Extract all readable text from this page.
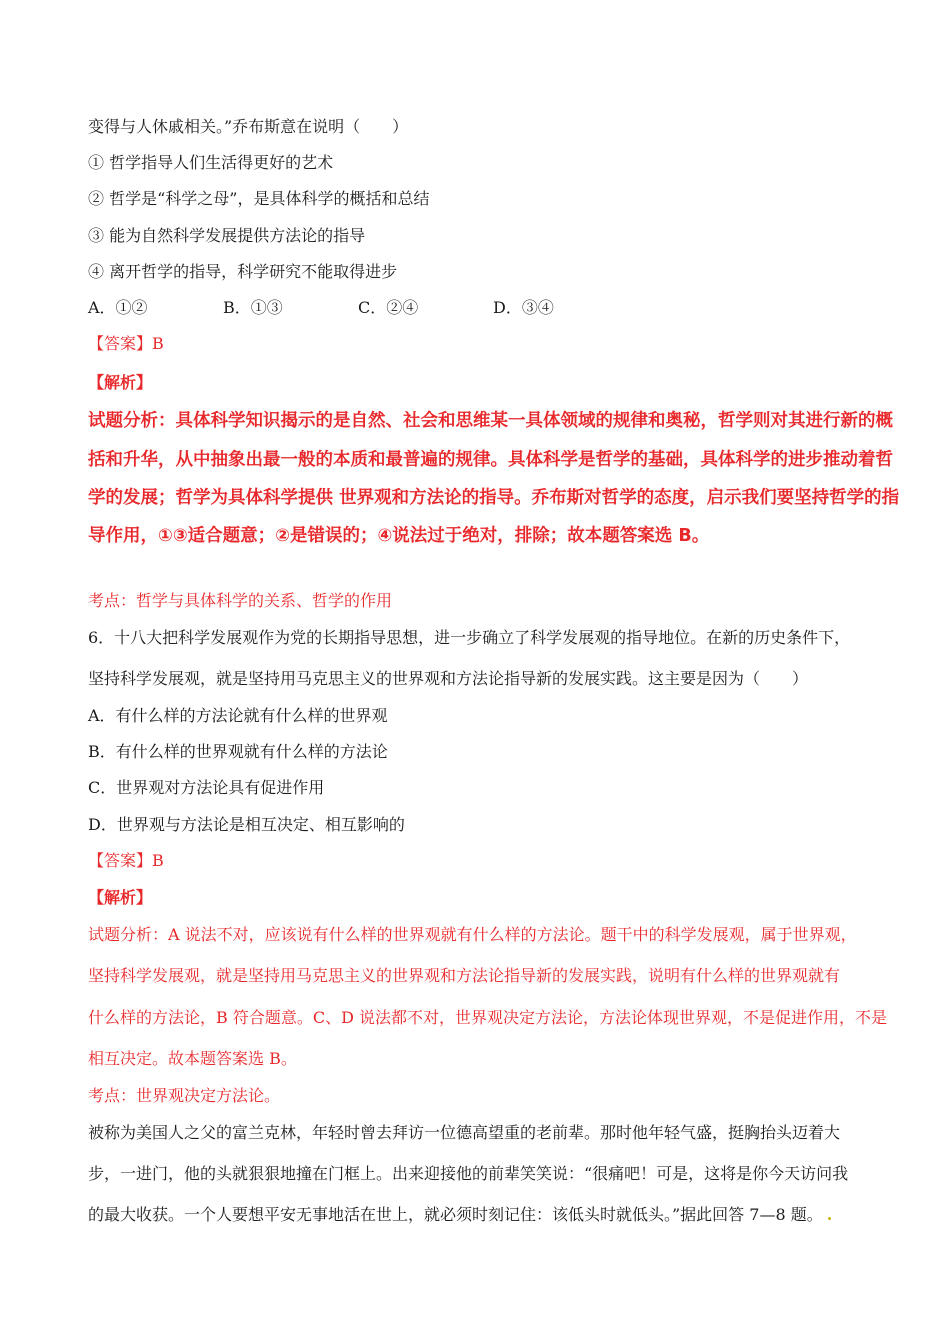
变得与人休戚相关。”乔布斯意在说明（　　）
① 哲学指导人们生活得更好的艺术
② 哲学是“科学之母”，是具体科学的概括和总结
③ 能为自然科学发展提供方法论的指导
④ 离开哲学的指导，科学研究不能取得进步
A．①②	B．①③	C．②④	D．③④
【答案】B
【解析】
试题分析：具体科学知识揭示的是自然、社会和思维某一具体领域的规律和奥秘，哲学则对其进行新的概
括和升华，从中抽象出最一般的本质和最普遍的规律。具体科学是哲学的基础，具体科学的进步推动着哲
学的发展；哲学为具体科学提供 世界观和方法论的指导。乔布斯对哲学的态度，启示我们要坚持哲学的指
导作用，①③适合题意；②是错误的；④说法过于绝对，排除；故本题答案选 B。
考点：哲学与具体科学的关系、哲学的作用
6．十八大把科学发展观作为党的长期指导思想，进一步确立了科学发展观的指导地位。在新的历史条件下，
坚持科学发展观，就是坚持用马克思主义的世界观和方法论指导新的发展实践。这主要是因为（　　）
A．有什么样的方法论就有什么样的世界观
B．有什么样的世界观就有什么样的方法论
C．世界观对方法论具有促进作用
D．世界观与方法论是相互决定、相互影响的
【答案】B
【解析】
试题分析：A 说法不对，应该说有什么样的世界观就有什么样的方法论。题干中的科学发展观，属于世界观，
坚持科学发展观，就是坚持用马克思主义的世界观和方法论指导新的发展实践，说明有什么样的世界观就有
什么样的方法论，B 符合题意。C、D 说法都不对，世界观决定方法论，方法论体现世界观，不是促进作用，不是
相互决定。故本题答案选 B。
考点：世界观决定方法论。
被称为美国人之父的富兰克林，年轻时曾去拜访一位德高望重的老前辈。那时他年轻气盛，挺胸抬头迈着大
步，一进门，他的头就狠狠地撞在门框上。出来迎接他的前辈笑笑说：“很痛吧！可是，这将是你今天访问我
的最大收获。一个人要想平安无事地活在世上，就必须时刻记住：该低头时就低头。”据此回答 7—8 题。 .
